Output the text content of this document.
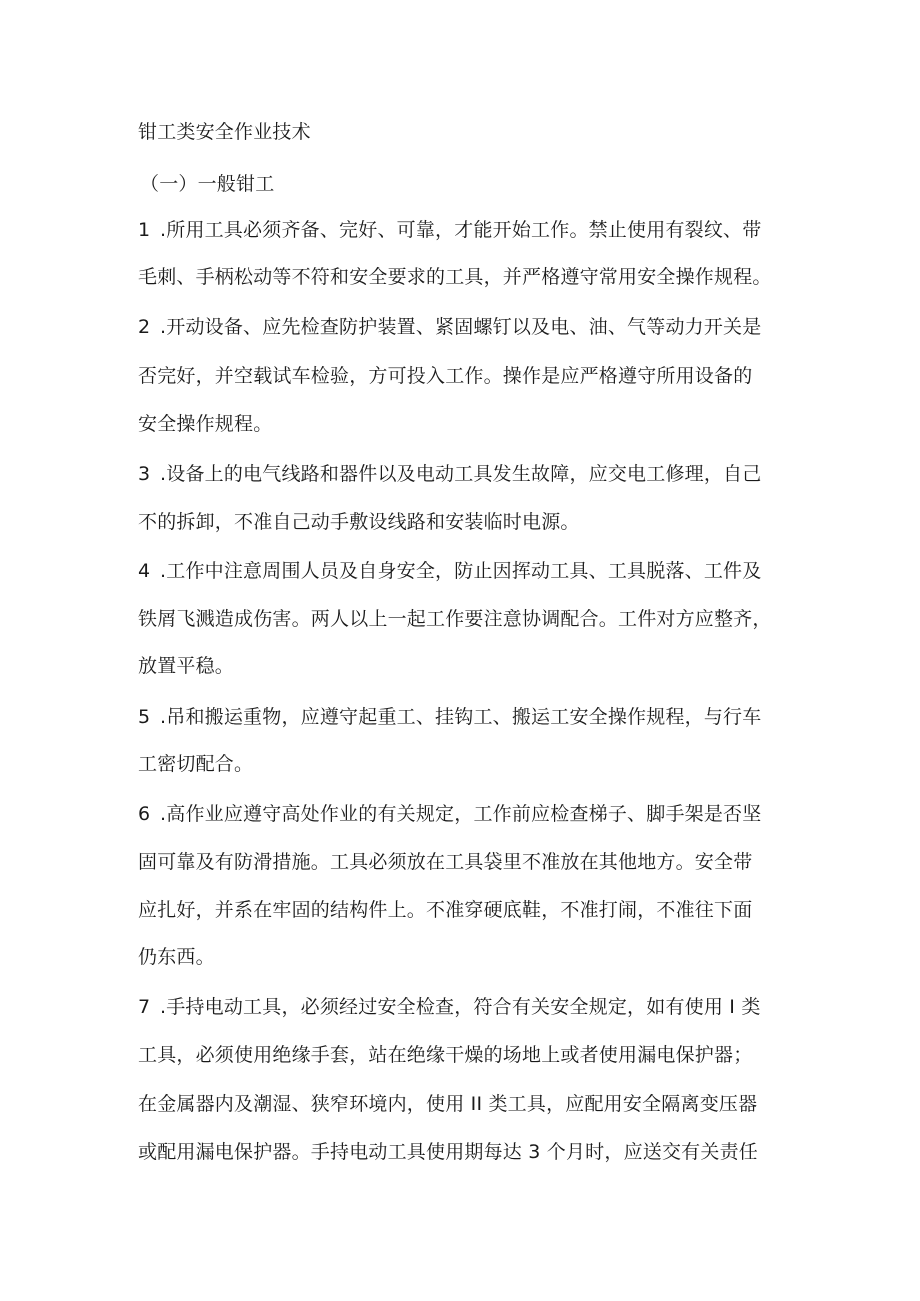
钳工类安全作业技术
（一）一般钳工
1 .所用工具必须齐备、完好、可靠，才能开始工作。禁止使用有裂纹、带
毛刺、手柄松动等不符和安全要求的工具，并严格遵守常用安全操作规程。
2 .开动设备、应先检查防护装置、紧固螺钉以及电、油、气等动力开关是
否完好，并空载试车检验，方可投入工作。操作是应严格遵守所用设备的
安全操作规程。
3 .设备上的电气线路和器件以及电动工具发生故障，应交电工修理，自己
不的拆卸，不准自己动手敷设线路和安装临时电源。
4 .工作中注意周围人员及自身安全，防止因挥动工具、工具脱落、工件及
铁屑飞溅造成伤害。两人以上一起工作要注意协调配合。工件对方应整齐，
放置平稳。
5 .吊和搬运重物，应遵守起重工、挂钩工、搬运工安全操作规程，与行车
工密切配合。
6 .高作业应遵守高处作业的有关规定，工作前应检查梯子、脚手架是否坚
固可靠及有防滑措施。工具必须放在工具袋里不准放在其他地方。安全带
应扎好，并系在牢固的结构件上。不准穿硬底鞋，不准打闹，不准往下面
仍东西。
7 .手持电动工具，必须经过安全检查，符合有关安全规定，如有使用 I 类
工具，必须使用绝缘手套，站在绝缘干燥的场地上或者使用漏电保护器；
在金属器内及潮湿、狭窄环境内，使用 II 类工具，应配用安全隔离变压器
或配用漏电保护器。手持电动工具使用期每达 3 个月时，应送交有关责任
